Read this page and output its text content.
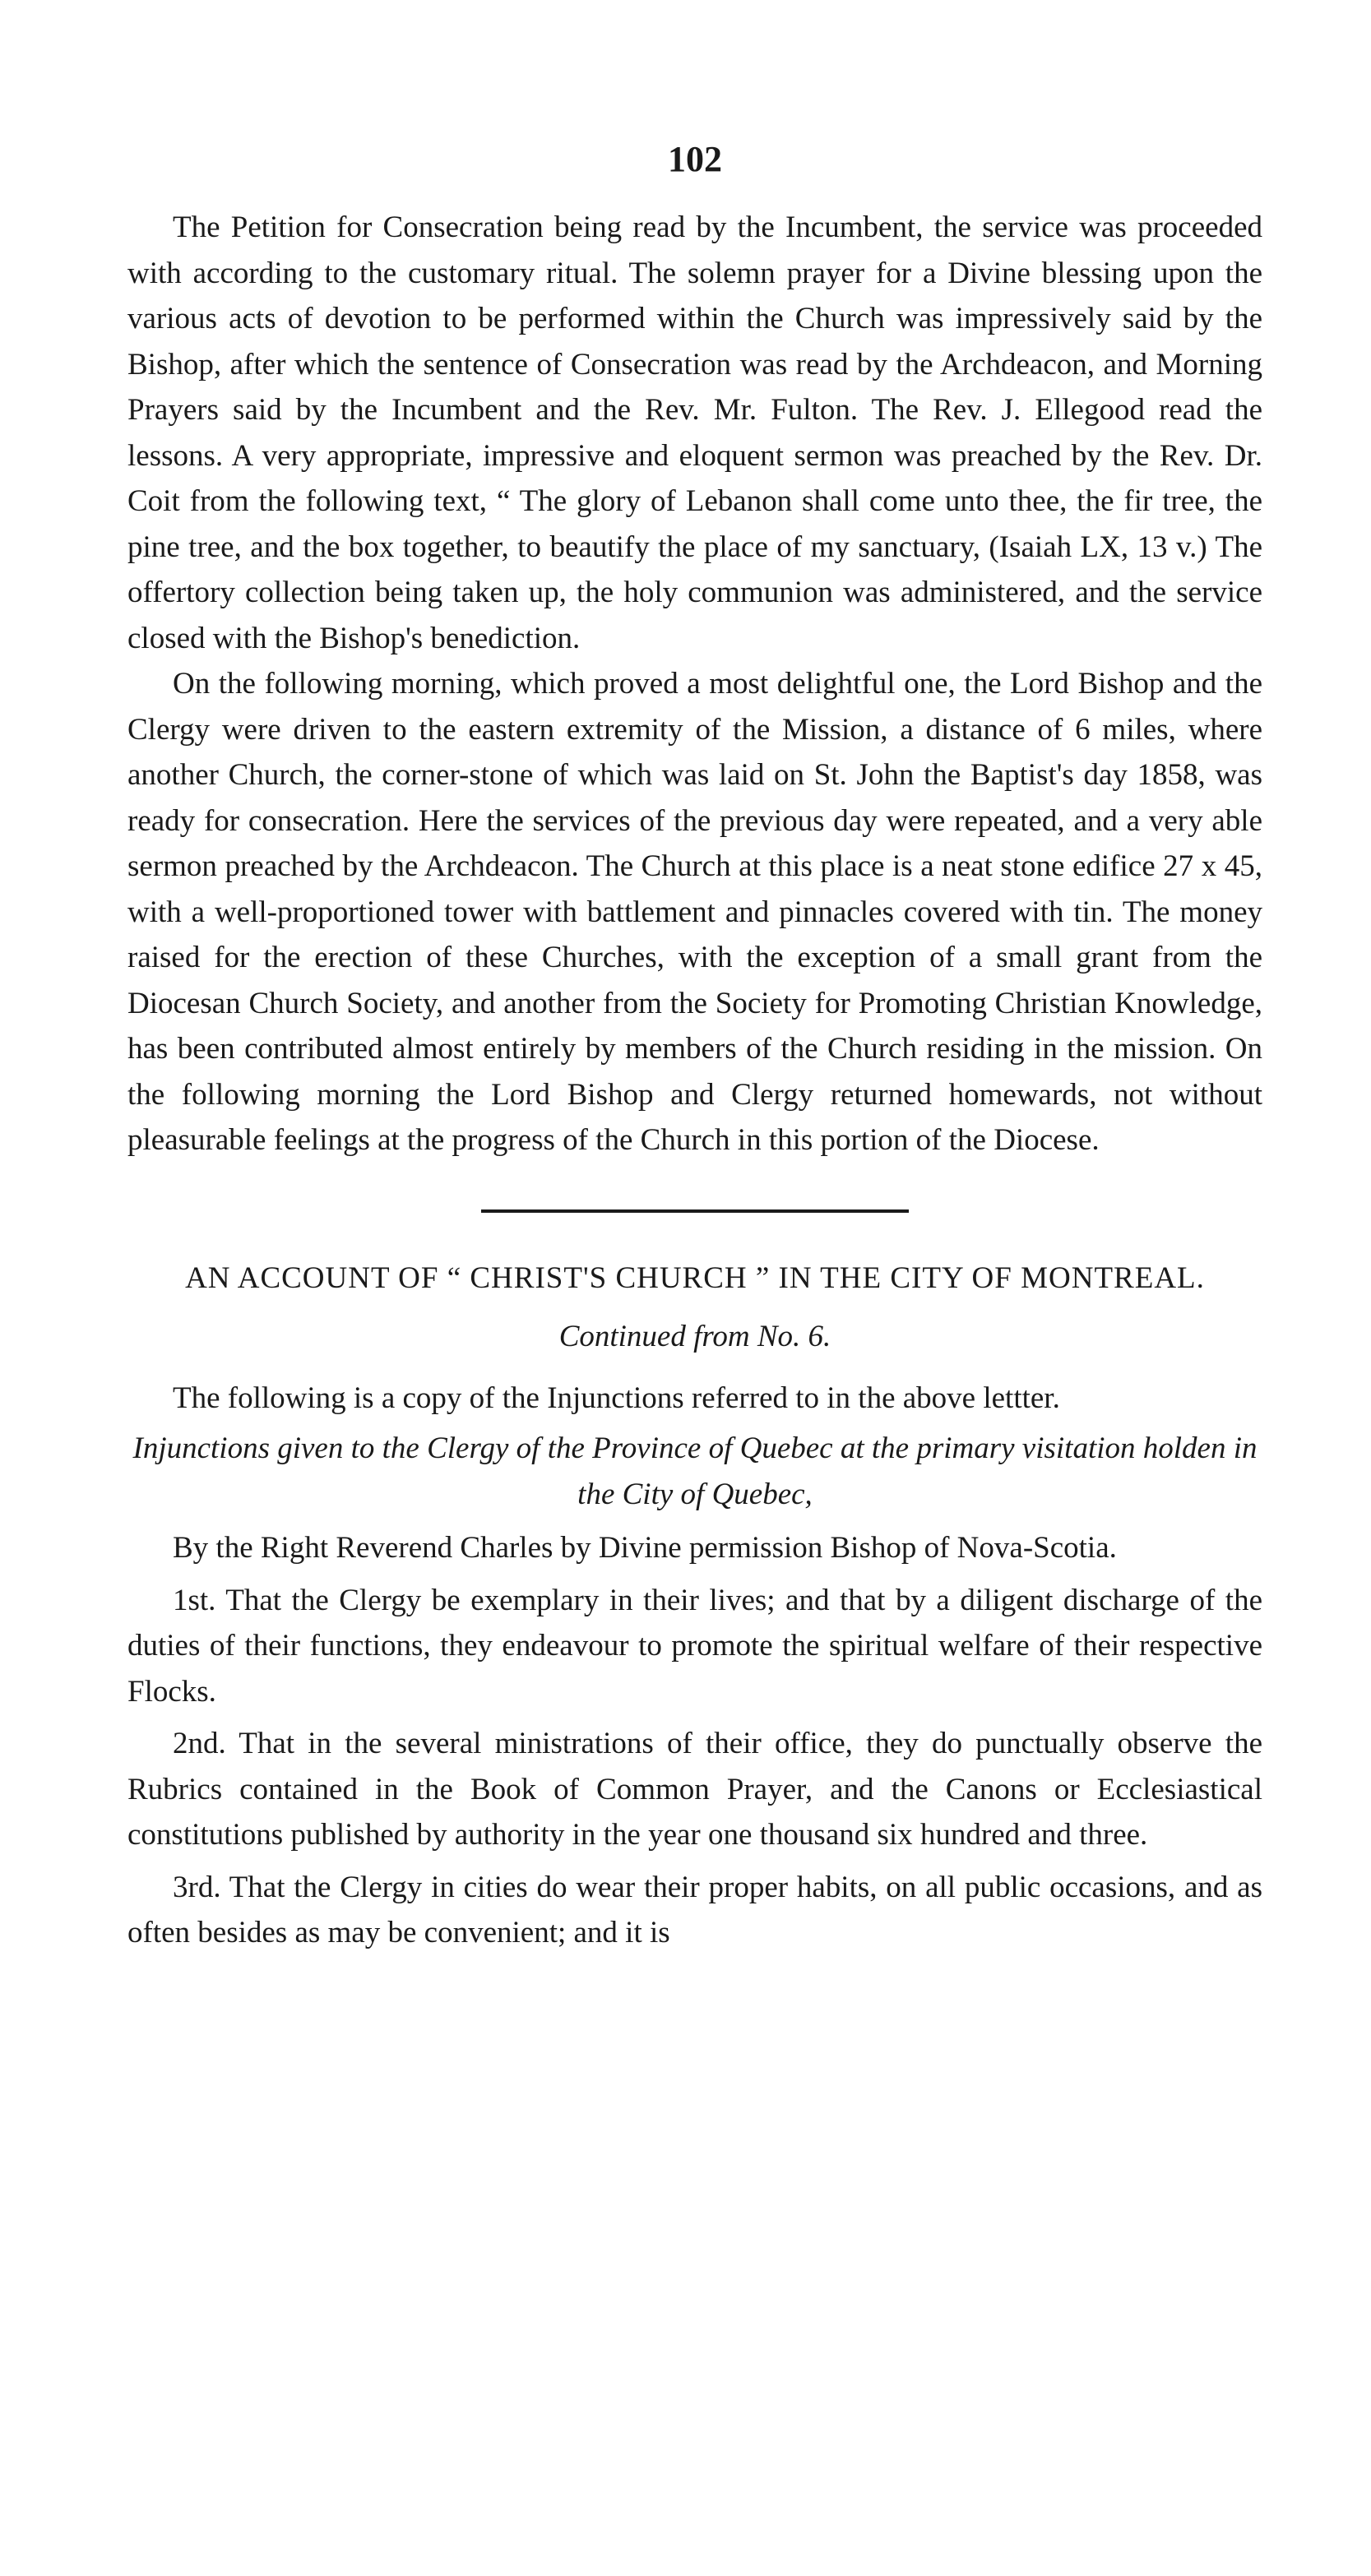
102

The Petition for Consecration being read by the Incumbent, the service was proceeded with according to the customary ritual. The solemn prayer for a Divine blessing upon the various acts of devotion to be performed within the Church was impressively said by the Bishop, after which the sentence of Consecration was read by the Archdeacon, and Morning Prayers said by the Incumbent and the Rev. Mr. Fulton. The Rev. J. Ellegood read the lessons. A very appropriate, impressive and eloquent sermon was preached by the Rev. Dr. Coit from the following text, “ The glory of Lebanon shall come unto thee, the fir tree, the pine tree, and the box together, to beautify the place of my sanctuary, (Isaiah LX, 13 v.) The offertory collection being taken up, the holy communion was administered, and the service closed with the Bishop's benediction.

On the following morning, which proved a most delightful one, the Lord Bishop and the Clergy were driven to the eastern extremity of the Mission, a distance of 6 miles, where another Church, the corner-stone of which was laid on St. John the Baptist's day 1858, was ready for consecration. Here the services of the previous day were repeated, and a very able sermon preached by the Archdeacon. The Church at this place is a neat stone edifice 27 x 45, with a well-proportioned tower with battlement and pinnacles covered with tin. The money raised for the erection of these Churches, with the exception of a small grant from the Diocesan Church Society, and another from the Society for Promoting Christian Knowledge, has been contributed almost entirely by members of the Church residing in the mission. On the following morning the Lord Bishop and Clergy returned homewards, not without pleasurable feelings at the progress of the Church in this portion of the Diocese.

AN ACCOUNT OF “ CHRIST'S CHURCH ” IN THE CITY OF MONTREAL.
Continued from No. 6.

The following is a copy of the Injunctions referred to in the above lettter.

Injunctions given to the Clergy of the Province of Quebec at the primary visitation holden in the City of Quebec,

By the Right Reverend Charles by Divine permission Bishop of Nova-Scotia.

1st. That the Clergy be exemplary in their lives; and that by a diligent discharge of the duties of their functions, they endeavour to promote the spiritual welfare of their respective Flocks.

2nd. That in the several ministrations of their office, they do punctually observe the Rubrics contained in the Book of Common Prayer, and the Canons or Ecclesiastical constitutions published by authority in the year one thousand six hundred and three.

3rd. That the Clergy in cities do wear their proper habits, on all public occasions, and as often besides as may be convenient; and it is
